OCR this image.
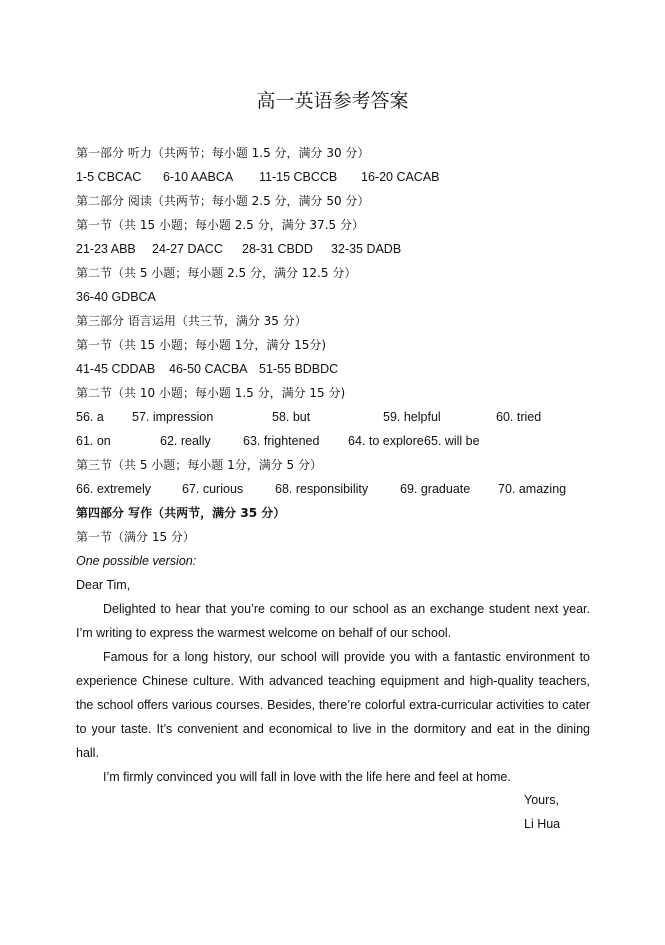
高一英语参考答案
第一部分 听力（共两节；每小题 1.5 分，满分 30 分）
1-5 CBCAC 6-10 AABCA 11-15 CBCCB 16-20 CACAB
第二部分 阅读（共两节；每小题 2.5 分，满分 50 分）
第一节（共 15 小题；每小题 2.5 分，满分 37.5 分）
21-23 ABB 24-27 DACC 28-31 CBDD 32-35 DADB
第二节（共 5 小题；每小题 2.5 分，满分 12.5 分）
36-40 GDBCA
第三部分 语言运用（共三节，满分 35 分）
第一节（共 15 小题；每小题 1分，满分 15分)
41-45 CDDAB 46-50 CACBA 51-55 BDBDC
第二节（共 10 小题；每小题 1.5 分，满分 15 分)
56. a 57. impression	58. but	59. helpful	60. tried
61. on	62. really	63. frightened 64. to explore 65. will be
第三节（共 5 小题；每小题 1分，满分 5 分）
66. extremely 67. curious	68. responsibility	69. graduate 70. amazing
第四部分 写作（共两节，满分 35 分）
第一节（满分 15 分）
One possible version:
Dear Tim,

Delighted to hear that you’re coming to our school as an exchange student next year. I’m writing to express the warmest welcome on behalf of our school.

Famous for a long history, our school will provide you with a fantastic environment to experience Chinese culture. With advanced teaching equipment and high-quality teachers, the school offers various courses. Besides, there’re colorful extra-curricular activities to cater to your taste. It’s convenient and economical to live in the dormitory and eat in the dining hall.

I’m firmly convinced you will fall in love with the life here and feel at home.

Yours,
Li Hua
